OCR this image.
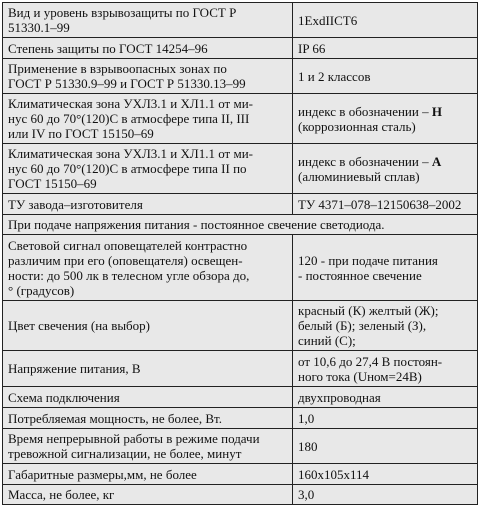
Вид и уровень взрывозащиты по ГОСТ Р
51330.1–99	1ExdIICT6

Степень защиты по ГОСТ 14254–96	IP 66

Применение в взрывоопасных зонах по
ГОСТ Р 51330.9–99 и ГОСТ Р 51330.13–99	1 и 2 классов

Климатическая зона УХЛ3.1 и ХЛ1.1 от ми-
нус 60 до 70°(120)С в атмосфере типа II, III
или IV по ГОСТ 15150–69	индекс в обозначении – Н
(коррозионная сталь)

Климатическая зона УХЛ3.1 и ХЛ1.1 от ми-
нус 60 до 70°(120)С в атмосфере типа II по
ГОСТ 15150–69	индекс в обозначении – А
(алюминиевый сплав)

ТУ завода–изготовителя	ТУ 4371–078–12150638–2002

При подаче напряжения питания - постоянное свечение светодиода.	

Световой сигнал оповещателей контрастно
различим при его (оповещателя) освещен-
ности: до 500 лк в телесном угле обзора до,
° (градусов)	120 - при подаче питания
- постоянное свечение

Цвет свечения (на выбор)	красный (К) желтый (Ж);
белый (Б); зеленый (З),
синий (С);

Напряжение питания, В	от 10,6 до 27,4 В постоян-
ного тока (Uном=24В)

Схема подключения	двухпроводная

Потребляемая мощность, не более, Вт.	1,0

Время непрерывной работы в режиме подачи
тревожной сигнализации, не более, минут	180

Габаритные размеры,мм, не более	160х105х114

Масса, не более, кг	3,0
